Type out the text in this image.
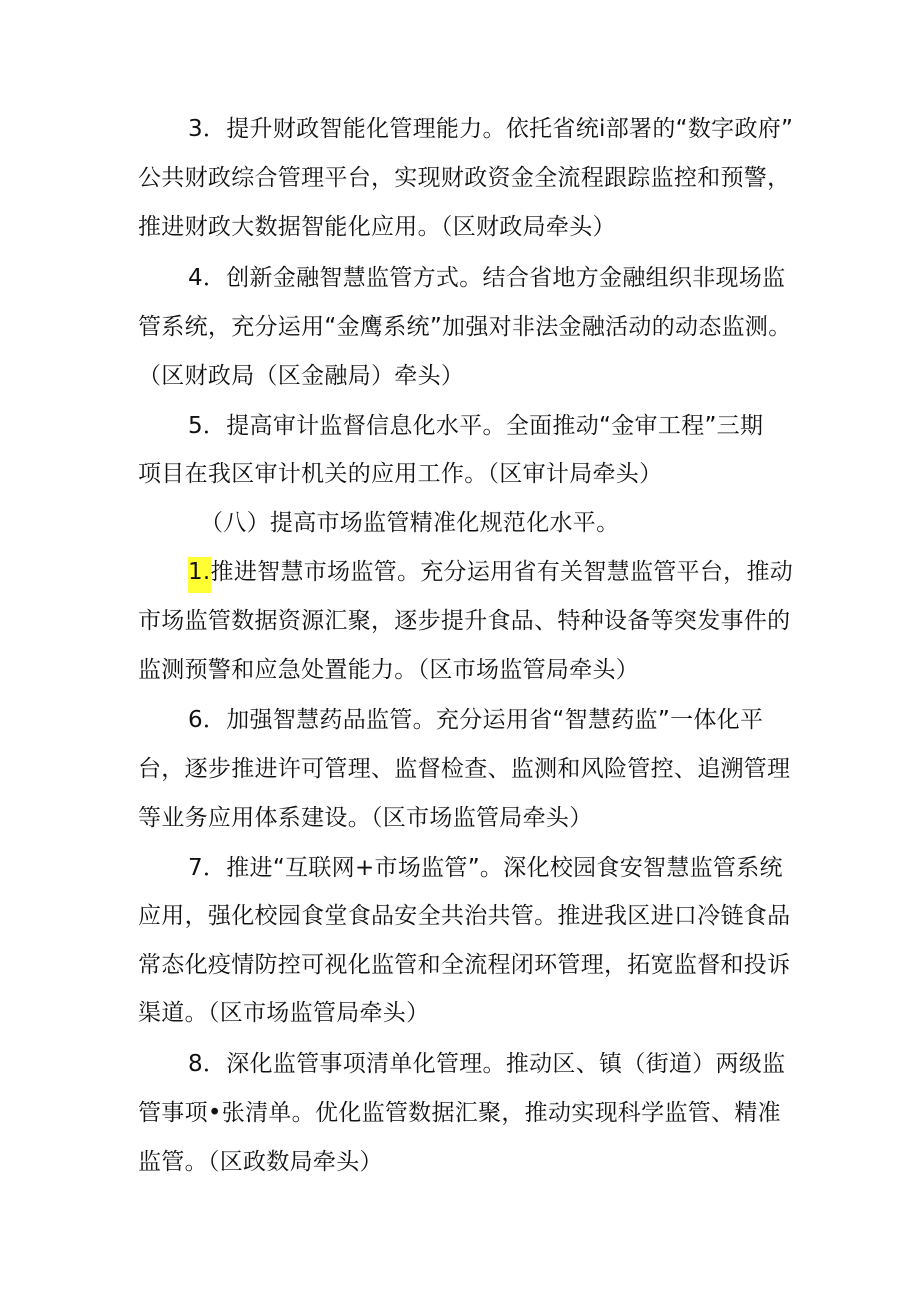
3．提升财政智能化管理能力。依托省统i部署的“数字政府”
公共财政综合管理平台，实现财政资金全流程跟踪监控和预警，
推进财政大数据智能化应用。（区财政局牵头）
4．创新金融智慧监管方式。结合省地方金融组织非现场监
管系统，充分运用“金鹰系统”加强对非法金融活动的动态监测。
（区财政局（区金融局）牵头）
5．提高审计监督信息化水平。全面推动“金审工程”三期
项目在我区审计机关的应用工作。（区审计局牵头）
（八）提高市场监管精准化规范化水平。
1.推进智慧市场监管。充分运用省有关智慧监管平台，推动
市场监管数据资源汇聚，逐步提升食品、特种设备等突发事件的
监测预警和应急处置能力。（区市场监管局牵头）
6．加强智慧药品监管。充分运用省“智慧药监”一体化平
台，逐步推进许可管理、监督检查、监测和风险管控、追溯管理
等业务应用体系建设。（区市场监管局牵头）
7．推进“互联网+市场监管”。深化校园食安智慧监管系统
应用，强化校园食堂食品安全共治共管。推进我区进口冷链食品
常态化疫情防控可视化监管和全流程闭环管理，拓宽监督和投诉
渠道。（区市场监管局牵头）
8．深化监管事项清单化管理。推动区、镇（街道）两级监
管事项•张清单。优化监管数据汇聚，推动实现科学监管、精准
监管。（区政数局牵头）
